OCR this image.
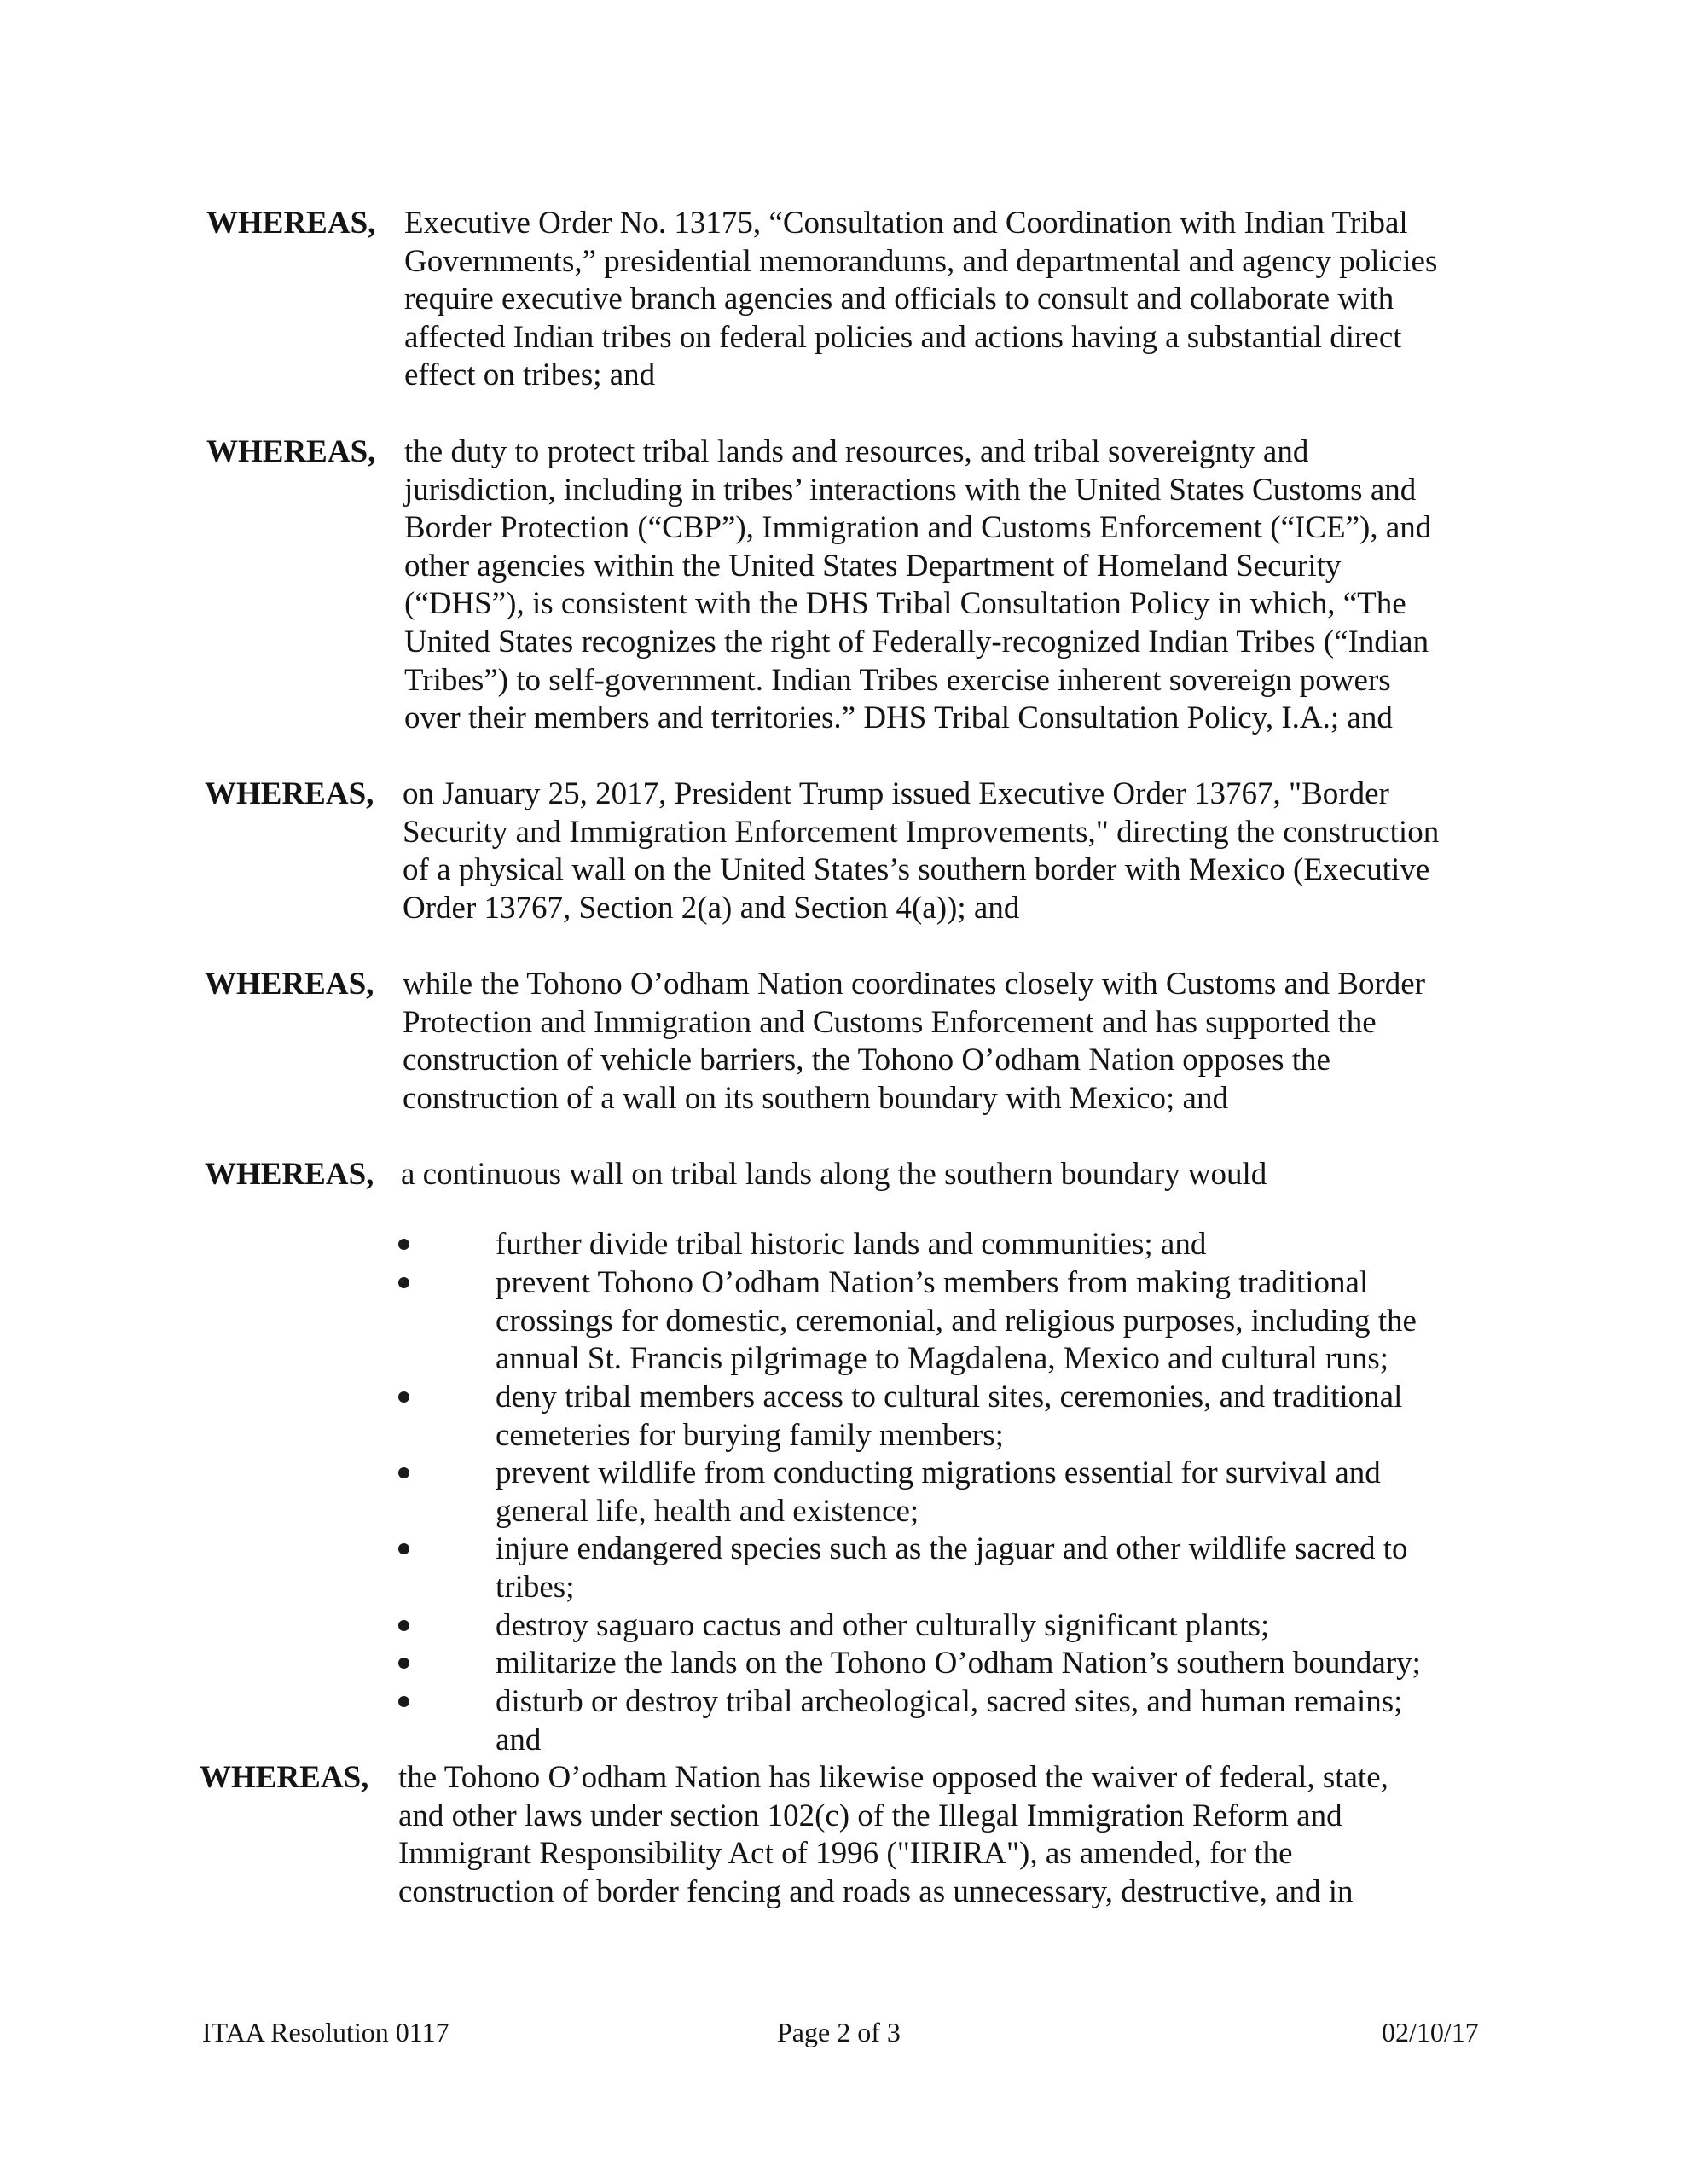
WHEREAS, Executive Order No. 13175, “Consultation and Coordination with Indian Tribal
Governments,” presidential memorandums, and departmental and agency policies
require executive branch agencies and officials to consult and collaborate with
affected Indian tribes on federal policies and actions having a substantial direct
effect on tribes; and
WHEREAS, the duty to protect tribal lands and resources, and tribal sovereignty and
jurisdiction, including in tribes’ interactions with the United States Customs and
Border Protection (“CBP”), Immigration and Customs Enforcement (“ICE”), and
other agencies within the United States Department of Homeland Security
(“DHS”), is consistent with the DHS Tribal Consultation Policy in which, “The
United States recognizes the right of Federally-recognized Indian Tribes (“Indian
Tribes”) to self-government. Indian Tribes exercise inherent sovereign powers
over their members and territories.” DHS Tribal Consultation Policy, I.A.; and
WHEREAS, on January 25, 2017, President Trump issued Executive Order 13767, "Border
Security and Immigration Enforcement Improvements," directing the construction
of a physical wall on the United States’s southern border with Mexico (Executive
Order 13767, Section 2(a) and Section 4(a)); and
WHEREAS, while the Tohono O’odham Nation coordinates closely with Customs and Border
Protection and Immigration and Customs Enforcement and has supported the
construction of vehicle barriers, the Tohono O’odham Nation opposes the
construction of a wall on its southern boundary with Mexico; and
WHEREAS, a continuous wall on tribal lands along the southern boundary would
further divide tribal historic lands and communities; and
prevent Tohono O’odham Nation’s members from making traditional
crossings for domestic, ceremonial, and religious purposes, including the
annual St. Francis pilgrimage to Magdalena, Mexico and cultural runs;
deny tribal members access to cultural sites, ceremonies, and traditional
cemeteries for burying family members;
prevent wildlife from conducting migrations essential for survival and
general life, health and existence;
injure endangered species such as the jaguar and other wildlife sacred to
tribes;
destroy saguaro cactus and other culturally significant plants;
militarize the lands on the Tohono O’odham Nation’s southern boundary;
disturb or destroy tribal archeological, sacred sites, and human remains;
and
WHEREAS, the Tohono O’odham Nation has likewise opposed the waiver of federal, state,
and other laws under section 102(c) of the Illegal Immigration Reform and
Immigrant Responsibility Act of 1996 ("IIRIRA"), as amended, for the
construction of border fencing and roads as unnecessary, destructive, and in
ITAA Resolution 0117	Page 2 of 3	02/10/17
